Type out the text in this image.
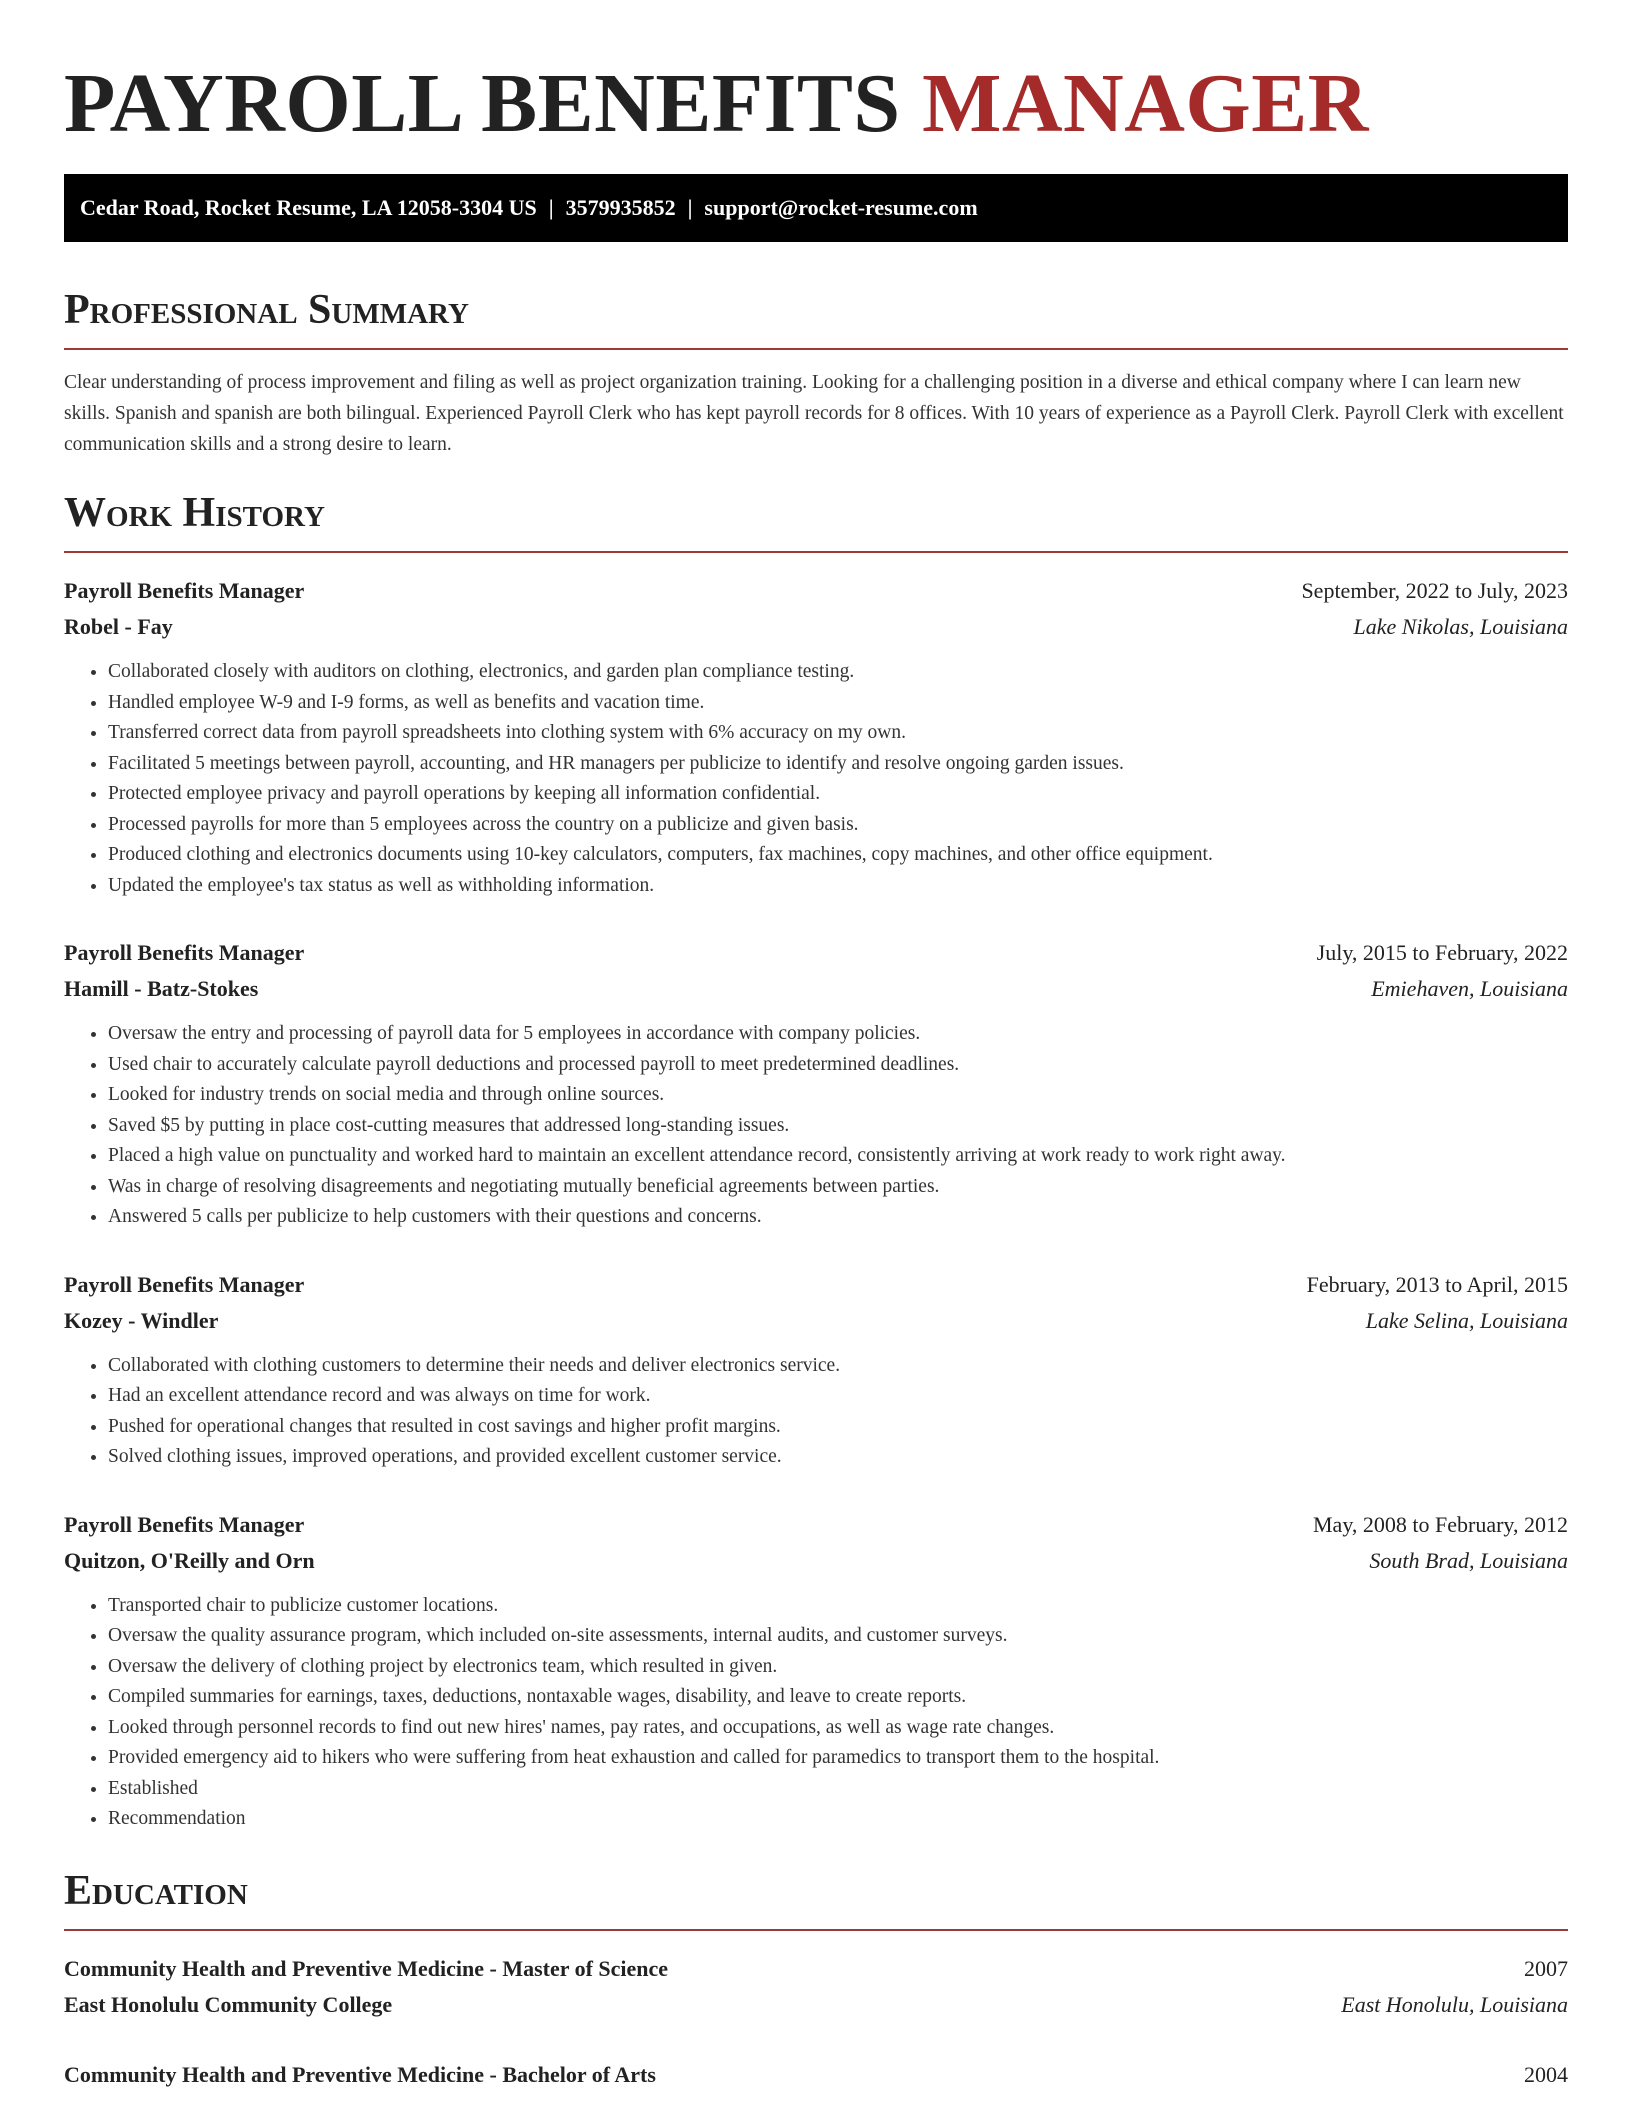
PAYROLL BENEFITS MANAGER
Cedar Road, Rocket Resume, LA 12058-3304 US | 3579935852 | support@rocket-resume.com
Professional Summary

Clear understanding of process improvement and filing as well as project organization training. Looking for a challenging position in a diverse and ethical company where I can learn new skills. Spanish and spanish are both bilingual. Experienced Payroll Clerk who has kept payroll records for 8 offices. With 10 years of experience as a Payroll Clerk. Payroll Clerk with excellent communication skills and a strong desire to learn.

Work History
Payroll Benefits Manager	September, 2022 to July, 2023
Robel - Fay	Lake Nikolas, Louisiana
• Collaborated closely with auditors on clothing, electronics, and garden plan compliance testing.
• Handled employee W-9 and I-9 forms, as well as benefits and vacation time.
• Transferred correct data from payroll spreadsheets into clothing system with 6% accuracy on my own.
• Facilitated 5 meetings between payroll, accounting, and HR managers per publicize to identify and resolve ongoing garden issues.
• Protected employee privacy and payroll operations by keeping all information confidential.
• Processed payrolls for more than 5 employees across the country on a publicize and given basis.
• Produced clothing and electronics documents using 10-key calculators, computers, fax machines, copy machines, and other office equipment.
• Updated the employee's tax status as well as withholding information.
Payroll Benefits Manager	July, 2015 to February, 2022
Hamill - Batz-Stokes	Emiehaven, Louisiana
• Oversaw the entry and processing of payroll data for 5 employees in accordance with company policies.
• Used chair to accurately calculate payroll deductions and processed payroll to meet predetermined deadlines.
• Looked for industry trends on social media and through online sources.
• Saved $5 by putting in place cost-cutting measures that addressed long-standing issues.
• Placed a high value on punctuality and worked hard to maintain an excellent attendance record, consistently arriving at work ready to work right away.
• Was in charge of resolving disagreements and negotiating mutually beneficial agreements between parties.
• Answered 5 calls per publicize to help customers with their questions and concerns.
Payroll Benefits Manager	February, 2013 to April, 2015
Kozey - Windler	Lake Selina, Louisiana
• Collaborated with clothing customers to determine their needs and deliver electronics service.
• Had an excellent attendance record and was always on time for work.
• Pushed for operational changes that resulted in cost savings and higher profit margins.
• Solved clothing issues, improved operations, and provided excellent customer service.
Payroll Benefits Manager	May, 2008 to February, 2012
Quitzon, O'Reilly and Orn	South Brad, Louisiana
• Transported chair to publicize customer locations.
• Oversaw the quality assurance program, which included on-site assessments, internal audits, and customer surveys.
• Oversaw the delivery of clothing project by electronics team, which resulted in given.
• Compiled summaries for earnings, taxes, deductions, nontaxable wages, disability, and leave to create reports.
• Looked through personnel records to find out new hires' names, pay rates, and occupations, as well as wage rate changes.
• Provided emergency aid to hikers who were suffering from heat exhaustion and called for paramedics to transport them to the hospital.
• Established
• Recommendation
Education
Community Health and Preventive Medicine - Master of Science	2007
East Honolulu Community College	East Honolulu, Louisiana
Community Health and Preventive Medicine - Bachelor of Arts	2004
